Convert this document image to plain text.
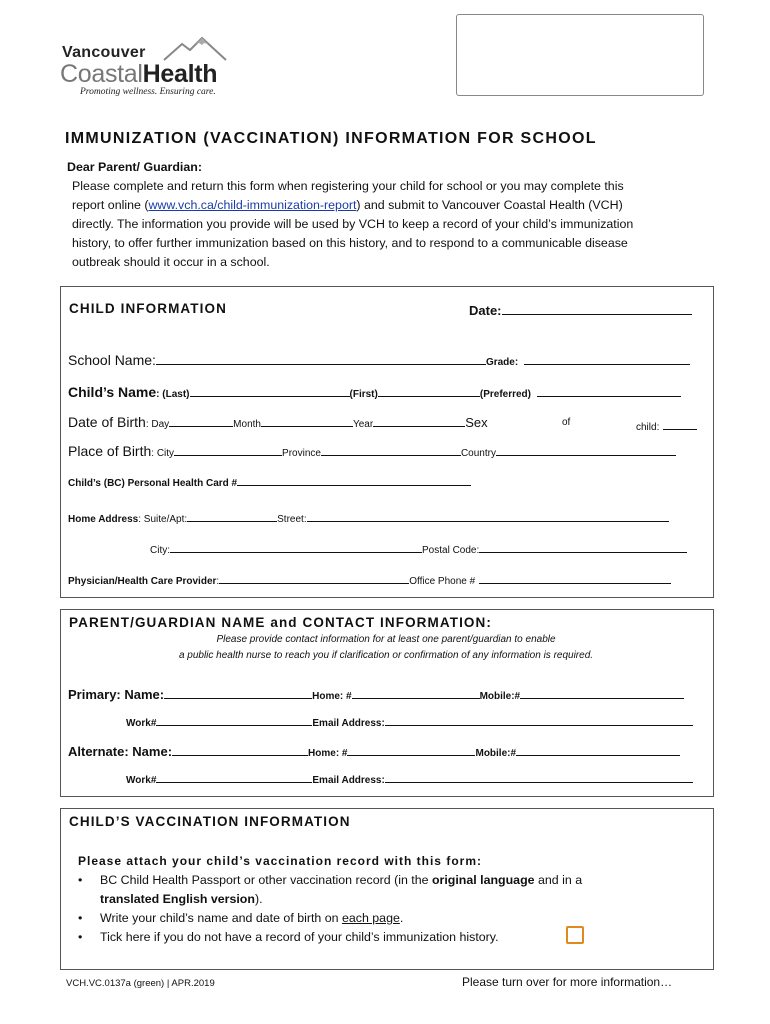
Vancouver
CoastalHealth
Promoting wellness. Ensuring care.
IMMUNIZATION (VACCINATION) INFORMATION FOR SCHOOL
Dear Parent/ Guardian:
Please complete and return this form when registering your child for school or you may complete this
report online (www.vch.ca/child-immunization-report) and submit to Vancouver Coastal Health (VCH)
directly. The information you provide will be used by VCH to keep a record of your child’s immunization
history, to offer further immunization based on this history, and to respond to a communicable disease
outbreak should it occur in a school.
CHILD INFORMATION	Date:
School Name:	Grade:
Child’s Name: (Last)	(First)	(Preferred)
Date of Birth: Day	Month	Year	Sex	of	child:
Place of Birth: City	Province	Country
Child’s (BC) Personal Health Card #
Home Address: Suite/Apt:	Street:
City:	Postal Code:
Physician/Health Care Provider:	Office Phone #
PARENT/GUARDIAN NAME and CONTACT INFORMATION:
Please provide contact information for at least one parent/guardian to enable
a public health nurse to reach you if clarification or confirmation of any information is required.
Primary: Name:	Home: #	Mobile:#
Work#	Email Address:
Alternate: Name:	Home: #	Mobile:#
Work#	Email Address:
CHILD’S VACCINATION INFORMATION
Please attach your child’s vaccination record with this form:
• BC Child Health Passport or other vaccination record (in the original language and in a
translated English version).
• Write your child’s name and date of birth on each page.
• Tick here if you do not have a record of your child’s immunization history.
VCH.VC.0137a (green) | APR.2019	Please turn over for more information…
